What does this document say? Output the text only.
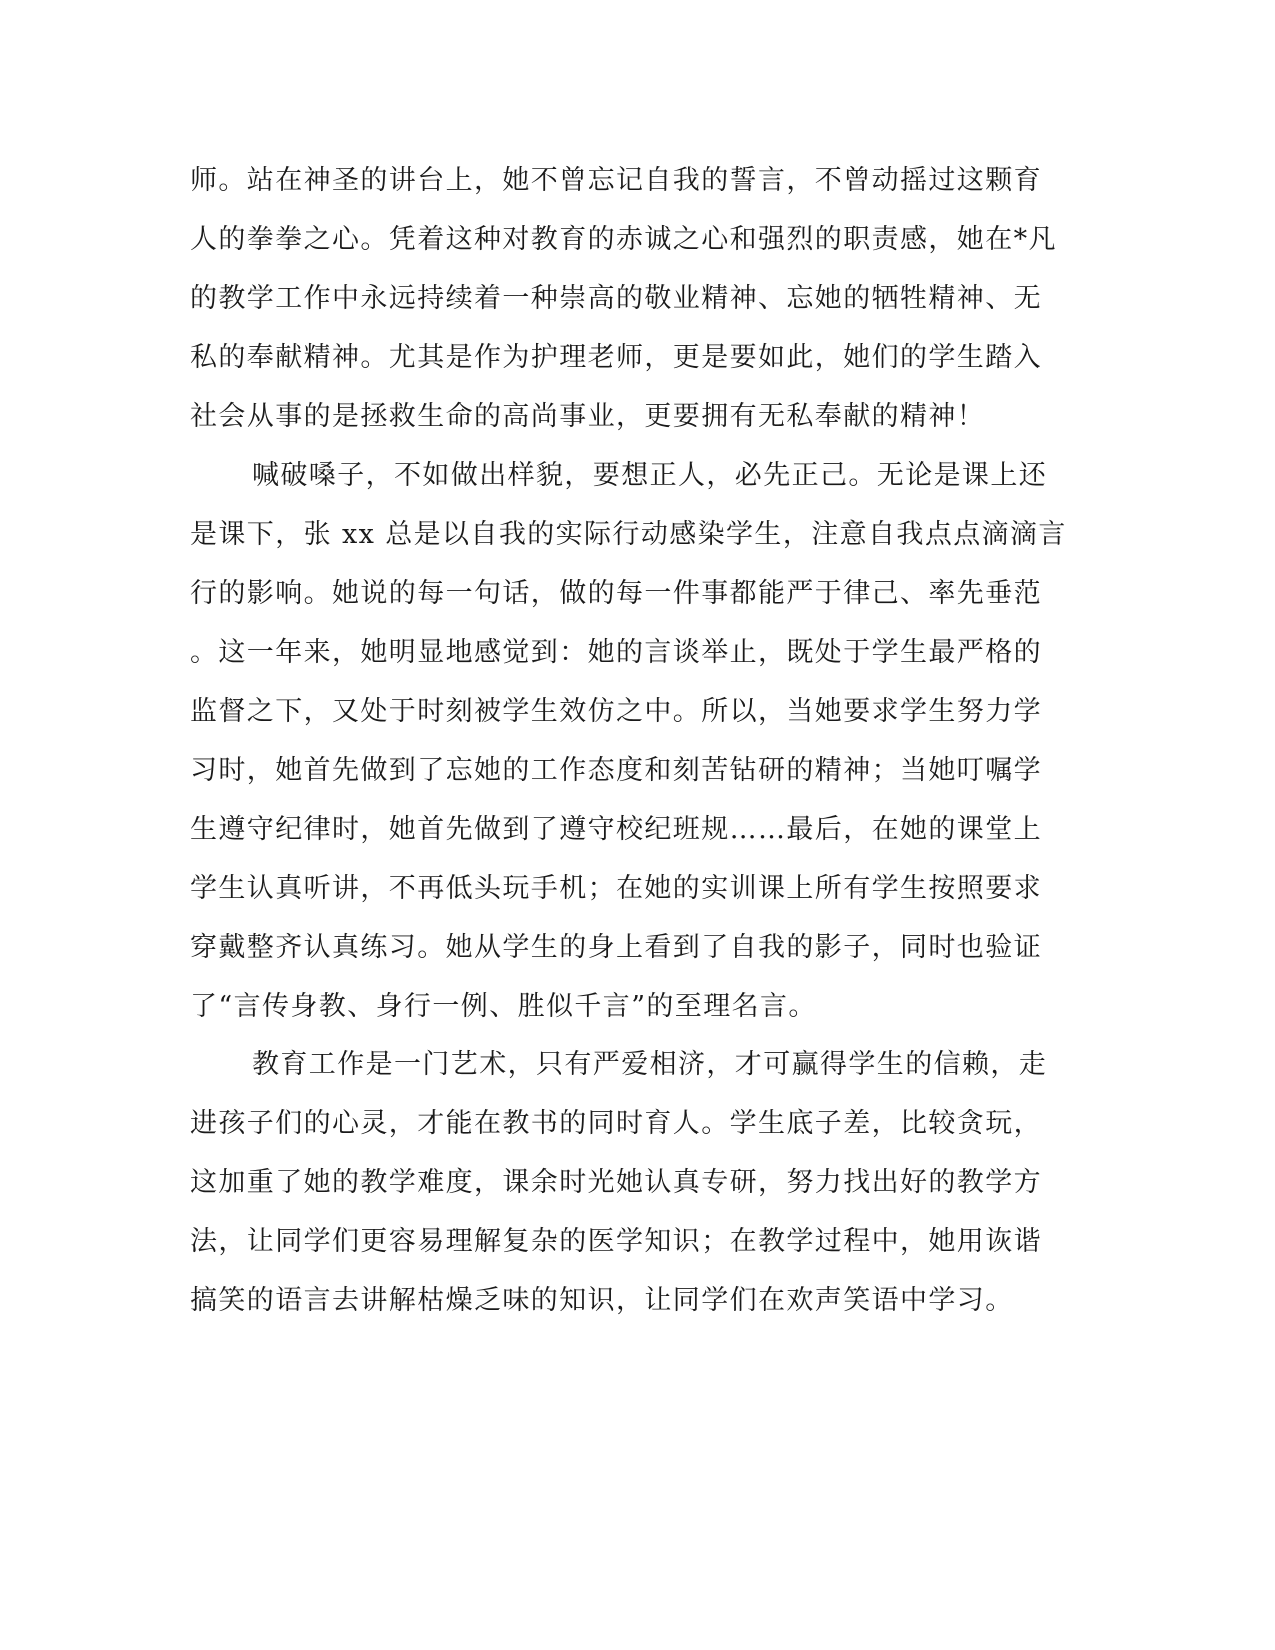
师。站在神圣的讲台上，她不曾忘记自我的誓言，不曾动摇过这颗育
人的拳拳之心。凭着这种对教育的赤诚之心和强烈的职责感，她在*凡
的教学工作中永远持续着一种崇高的敬业精神、忘她的牺牲精神、无
私的奉献精神。尤其是作为护理老师，更是要如此，她们的学生踏入
社会从事的是拯救生命的高尚事业，更要拥有无私奉献的精神！
喊破嗓子，不如做出样貌，要想正人，必先正己。无论是课上还
是课下，张 xx 总是以自我的实际行动感染学生，注意自我点点滴滴言
行的影响。她说的每一句话，做的每一件事都能严于律己、率先垂范
。这一年来，她明显地感觉到：她的言谈举止，既处于学生最严格的
监督之下，又处于时刻被学生效仿之中。所以，当她要求学生努力学
习时，她首先做到了忘她的工作态度和刻苦钻研的精神；当她叮嘱学
生遵守纪律时，她首先做到了遵守校纪班规……最后，在她的课堂上
学生认真听讲，不再低头玩手机；在她的实训课上所有学生按照要求
穿戴整齐认真练习。她从学生的身上看到了自我的影子，同时也验证
了“言传身教、身行一例、胜似千言”的至理名言。
教育工作是一门艺术，只有严爱相济，才可赢得学生的信赖，走
进孩子们的心灵，才能在教书的同时育人。学生底子差，比较贪玩，
这加重了她的教学难度，课余时光她认真专研，努力找出好的教学方
法，让同学们更容易理解复杂的医学知识；在教学过程中，她用诙谐
搞笑的语言去讲解枯燥乏味的知识，让同学们在欢声笑语中学习。
